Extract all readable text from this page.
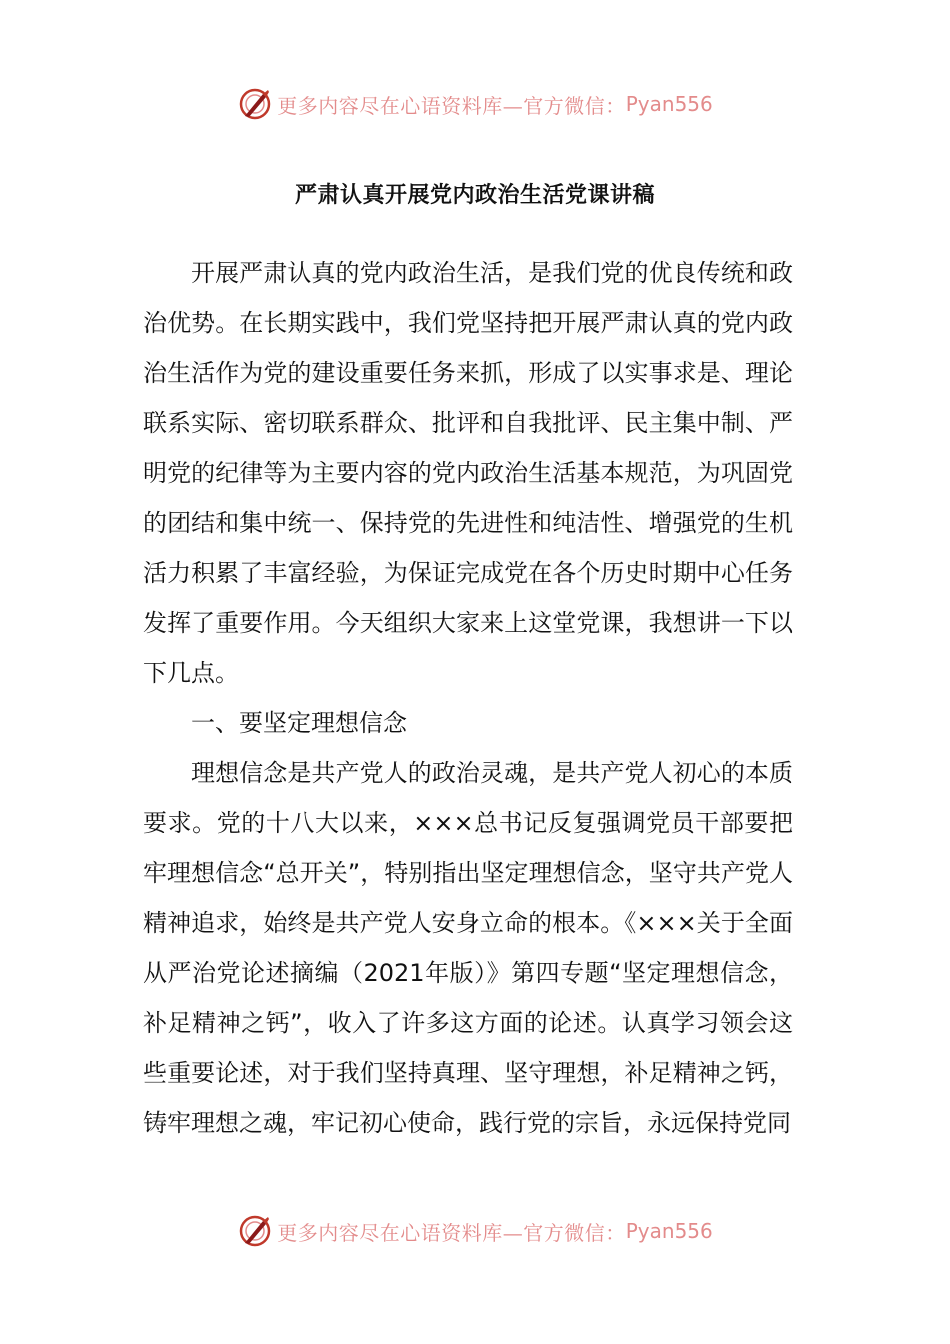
更多内容尽在心语资料库—官方微信： Pyan556
严肃认真开展党内政治生活党课讲稿

开展严肃认真的党内政治生活，是我们党的优良传统和政治优势。在长期实践中，我们党坚持把开展严肃认真的党内政治生活作为党的建设重要任务来抓，形成了以实事求是、理论联系实际、密切联系群众、批评和自我批评、民主集中制、严明党的纪律等为主要内容的党内政治生活基本规范，为巩固党的团结和集中统一、保持党的先进性和纯洁性、增强党的生机活力积累了丰富经验，为保证完成党在各个历史时期中心任务发挥了重要作用。今天组织大家来上这堂党课，我想讲一下以下几点。

一、要坚定理想信念

理想信念是共产党人的政治灵魂，是共产党人初心的本质要求。党的十八大以来，×××总书记反复强调党员干部要把牢理想信念“总开关”，特别指出坚定理想信念，坚守共产党人精神追求，始终是共产党人安身立命的根本。《×××关于全面从严治党论述摘编（2021年版）》第四专题“坚定理想信念，补足精神之钙”，收入了许多这方面的论述。认真学习领会这些重要论述，对于我们坚持真理、坚守理想，补足精神之钙，铸牢理想之魂，牢记初心使命，践行党的宗旨，永远保持党同

更多内容尽在心语资料库—官方微信： Pyan556
